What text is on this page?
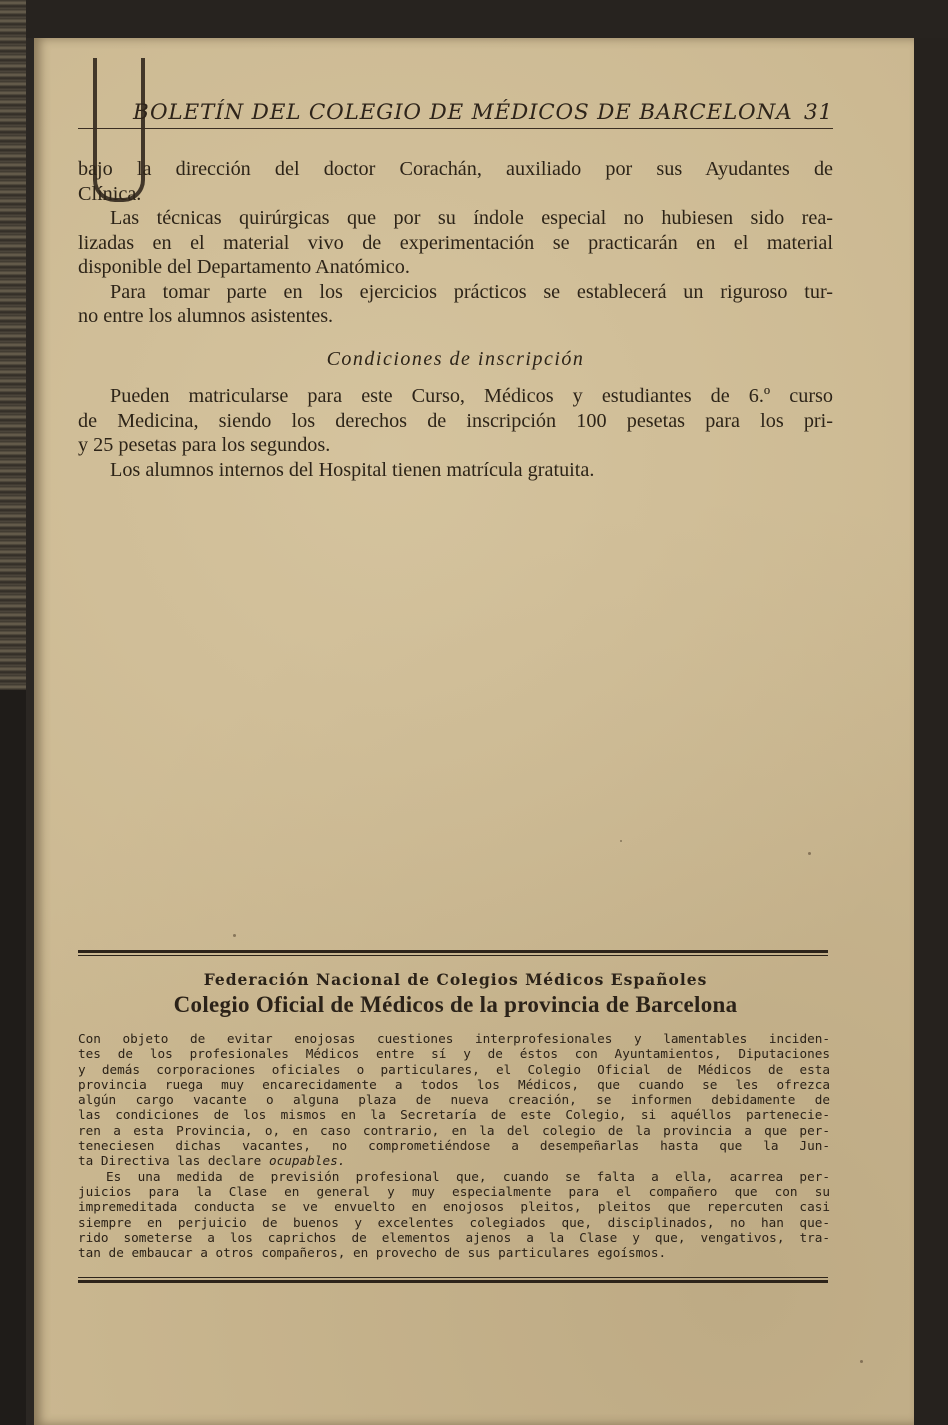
BOLETÍN DEL COLEGIO DE MÉDICOS DE BARCELONA 31
bajo la dirección del doctor Corachán, auxiliado por sus Ayudantes de
Clínica.
Las técnicas quirúrgicas que por su índole especial no hubiesen sido rea-
lizadas en el material vivo de experimentación se practicarán en el material
disponible del Departamento Anatómico.
Para tomar parte en los ejercicios prácticos se establecerá un riguroso tur-
no entre los alumnos asistentes.
Condiciones de inscripción
Pueden matricularse para este Curso, Médicos y estudiantes de 6.º curso
de Medicina, siendo los derechos de inscripción 100 pesetas para los pri-
y 25 pesetas para los segundos.
Los alumnos internos del Hospital tienen matrícula gratuita.
Federación Nacional de Colegios Médicos Españoles
Colegio Oficial de Médicos de la provincia de Barcelona
Con objeto de evitar enojosas cuestiones interprofesionales y lamentables inciden-
tes de los profesionales Médicos entre sí y de éstos con Ayuntamientos, Diputaciones
y demás corporaciones oficiales o particulares, el Colegio Oficial de Médicos de esta
provincia ruega muy encarecidamente a todos los Médicos, que cuando se les ofrezca
algún cargo vacante o alguna plaza de nueva creación, se informen debidamente de
las condiciones de los mismos en la Secretaría de este Colegio, si aquéllos partenecie-
ren a esta Provincia, o, en caso contrario, en la del colegio de la provincia a que per-
teneciesen dichas vacantes, no comprometiéndose a desempeñarlas hasta que la Jun-
ta Directiva las declare ocupables.
Es una medida de previsión profesional que, cuando se falta a ella, acarrea per-
juicios para la Clase en general y muy especialmente para el compañero que con su
impremeditada conducta se ve envuelto en enojosos pleitos, pleitos que repercuten casi
siempre en perjuicio de buenos y excelentes colegiados que, disciplinados, no han que-
rido someterse a los caprichos de elementos ajenos a la Clase y que, vengativos, tra-
tan de embaucar a otros compañeros, en provecho de sus particulares egoísmos.
